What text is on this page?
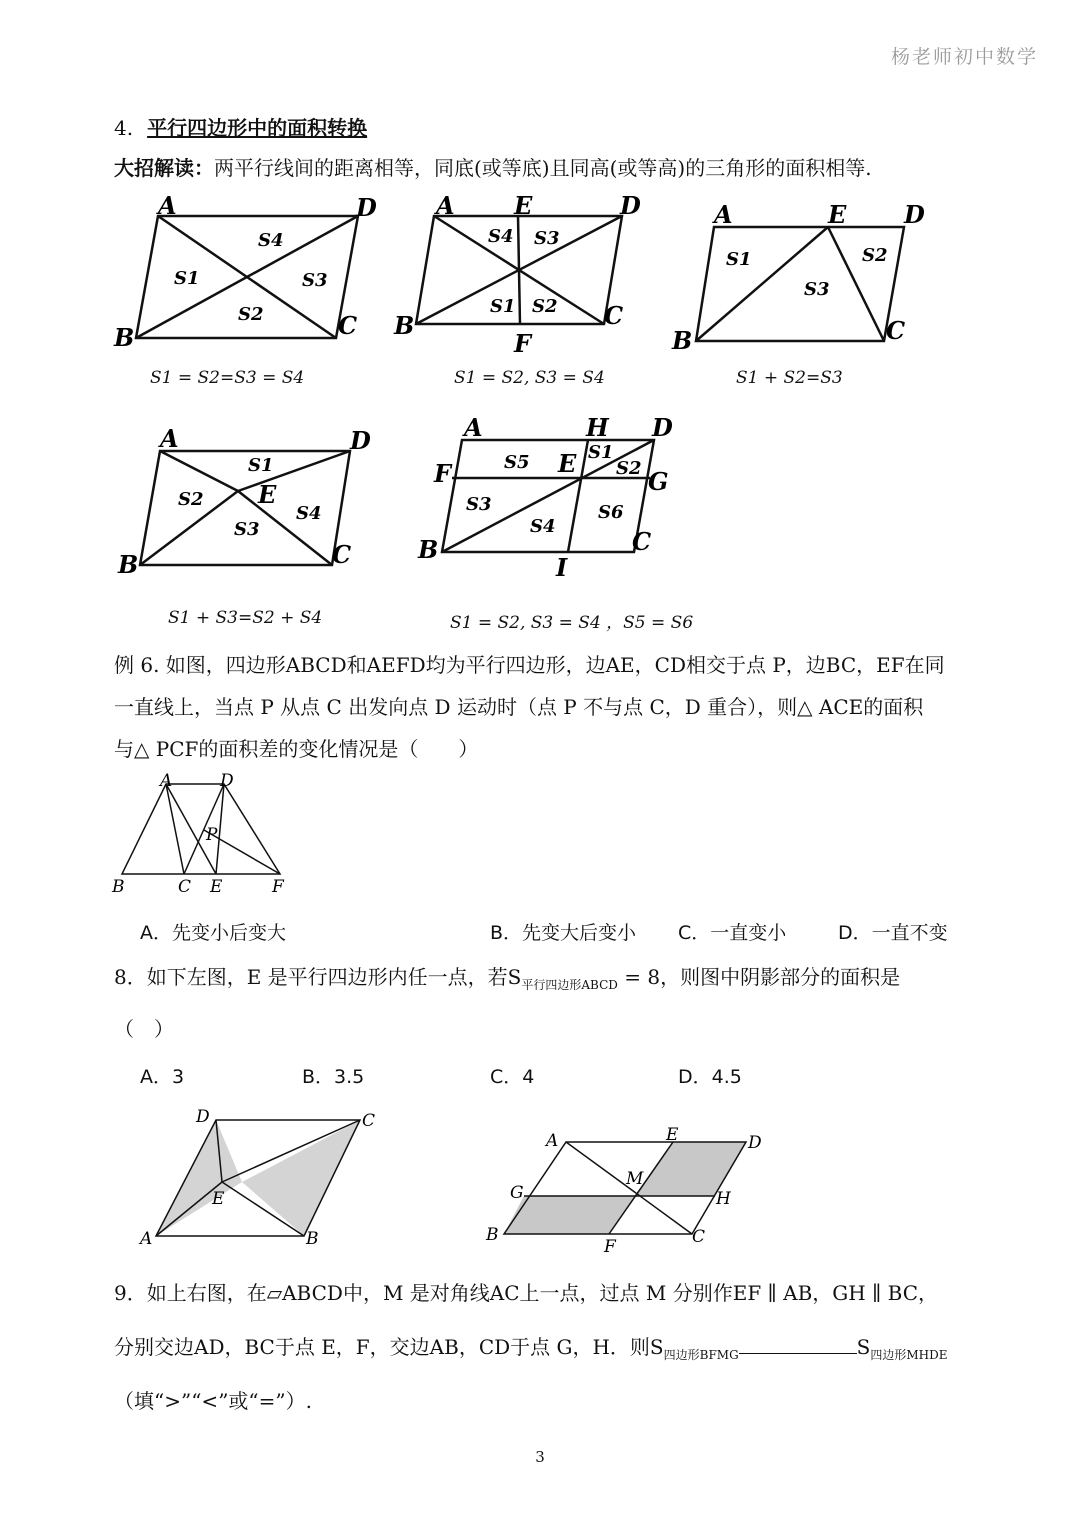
杨老师初中数学
4. 平行四边形中的面积转换
大招解读：两平行线间的距离相等，同底(或等底)且同高(或等高)的三角形的面积相等.
A	D
B	C
S4
S1	S3
S2
S1 = S2=S3 = S4
A E	D
B	C
F
S4 S3
S1 S2
S1 = S2, S3 = S4
A	E D
B	C
S1	S2
S3
S1 + S2=S3
A	D
E
B	C
S1
S2
S3
S4
S1 + S3=S2 + S4
A	H D
F	E
G
B	C
I
S1
S5	S2
S3
S4
S6
S1 = S2, S3 = S4 ，S5 = S6
例 6. 如图，四边形ABCD和AEFD均为平行四边形，边AE，CD相交于点 P，边BC，EF在同
一直线上，当点 P 从点 C 出发向点 D 运动时（点 P 不与点 C，D 重合），则△ ACE的面积
与△ PCF的面积差的变化情况是（　　）
A	D
P
B	C E	F
A．先变小后变大	B．先变大后变小 C．一直变小	D．一直不变
8．如下左图，E 是平行四边形内任一点，若$S_{平行四边形ABCD} = 8$，则图中阴影部分的面积是
（　）
A．3	B．3.5	C．4	D．4.5
D	C
E
A	B
A	E	D
G
M
H
B
F	C
9．如上右图，在▱ABCD中，M 是对角线AC上一点，过点 M 分别作EF ∥ AB，GH ∥ BC，
分别交边AD，BC于点 E，F，交边AB，CD于点 G，H．则$S_{四边形BFMG}$	$S_{四边形MHDE}$
（填“>”“<”或“=”）.
3
